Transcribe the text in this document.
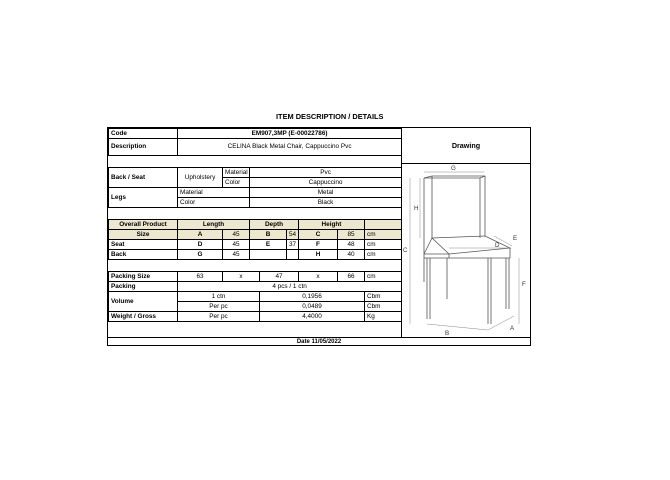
ITEM DESCRIPTION / DETAILS
Code	EM907,3MP (E-00022786)							
Description	CELINA Black Metal Chair, Cappuccino Pvc							

Back / Seat	Upholstery	Material	Pvc					
		Color	Cappuccino					
Legs	Material		Metal					
	Color		Black					

Overall Product	Length		Depth			Height		
Size	A	45	B		54	C	85	cm
Seat	D	45	E		37	F	48	cm
Back	G	45				H	40	cm

Packing Size	63	x		47		x	66	cm
Packing	4 pcs / 1 ctn							
Volume	1 ctn			0,1956				Cbm
	Per pc			0,0489				Cbm
Weight / Gross	Per pc			4,4000				Kg
Drawing
G
H
C
D
E
F
B
A
Date 11/05/2022
